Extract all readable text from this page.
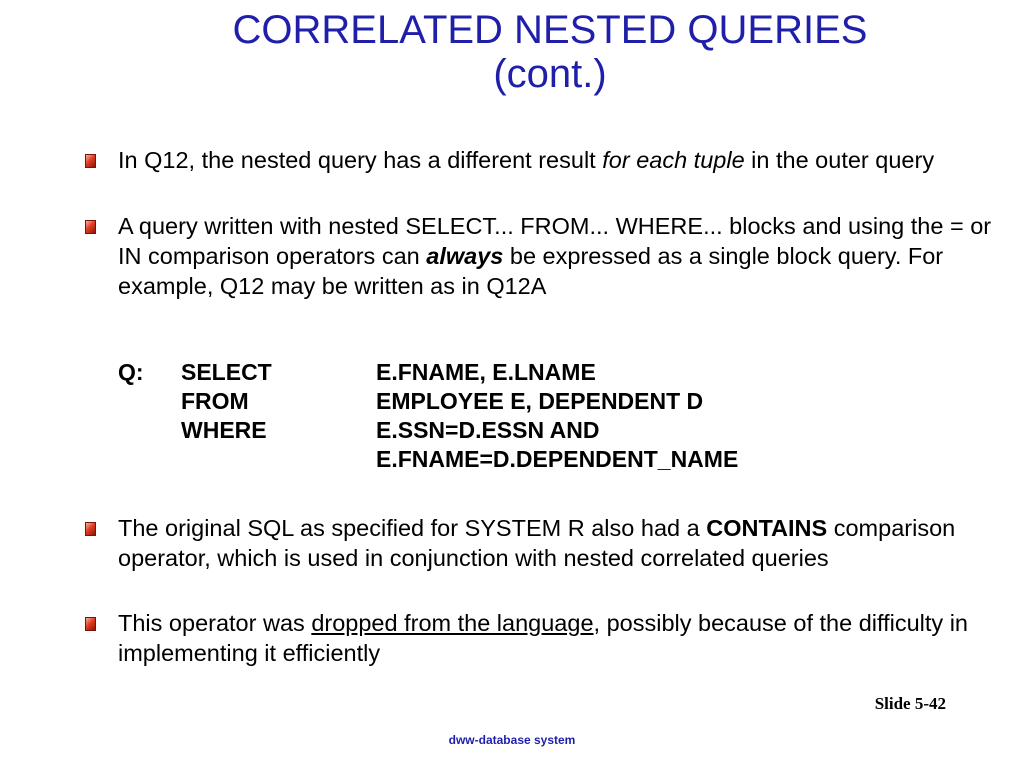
CORRELATED NESTED QUERIES
(cont.)
In Q12, the nested query has a different result for each tuple in the outer query
A query written with nested SELECT... FROM... WHERE... blocks and using the = or IN comparison operators can always be expressed as a single block query. For example, Q12 may be written as in Q12A
The original SQL as specified for SYSTEM R also had a CONTAINS comparison operator, which is used in conjunction with nested correlated queries
This operator was dropped from the language, possibly because of the difficulty in implementing it efficiently
Q: SELECT	E.FNAME, E.LNAME
FROM	EMPLOYEE E, DEPENDENT D
WHERE	E.SSN=D.ESSN AND
E.FNAME=D.DEPENDENT_NAME
Slide 5-42
dww-database system
